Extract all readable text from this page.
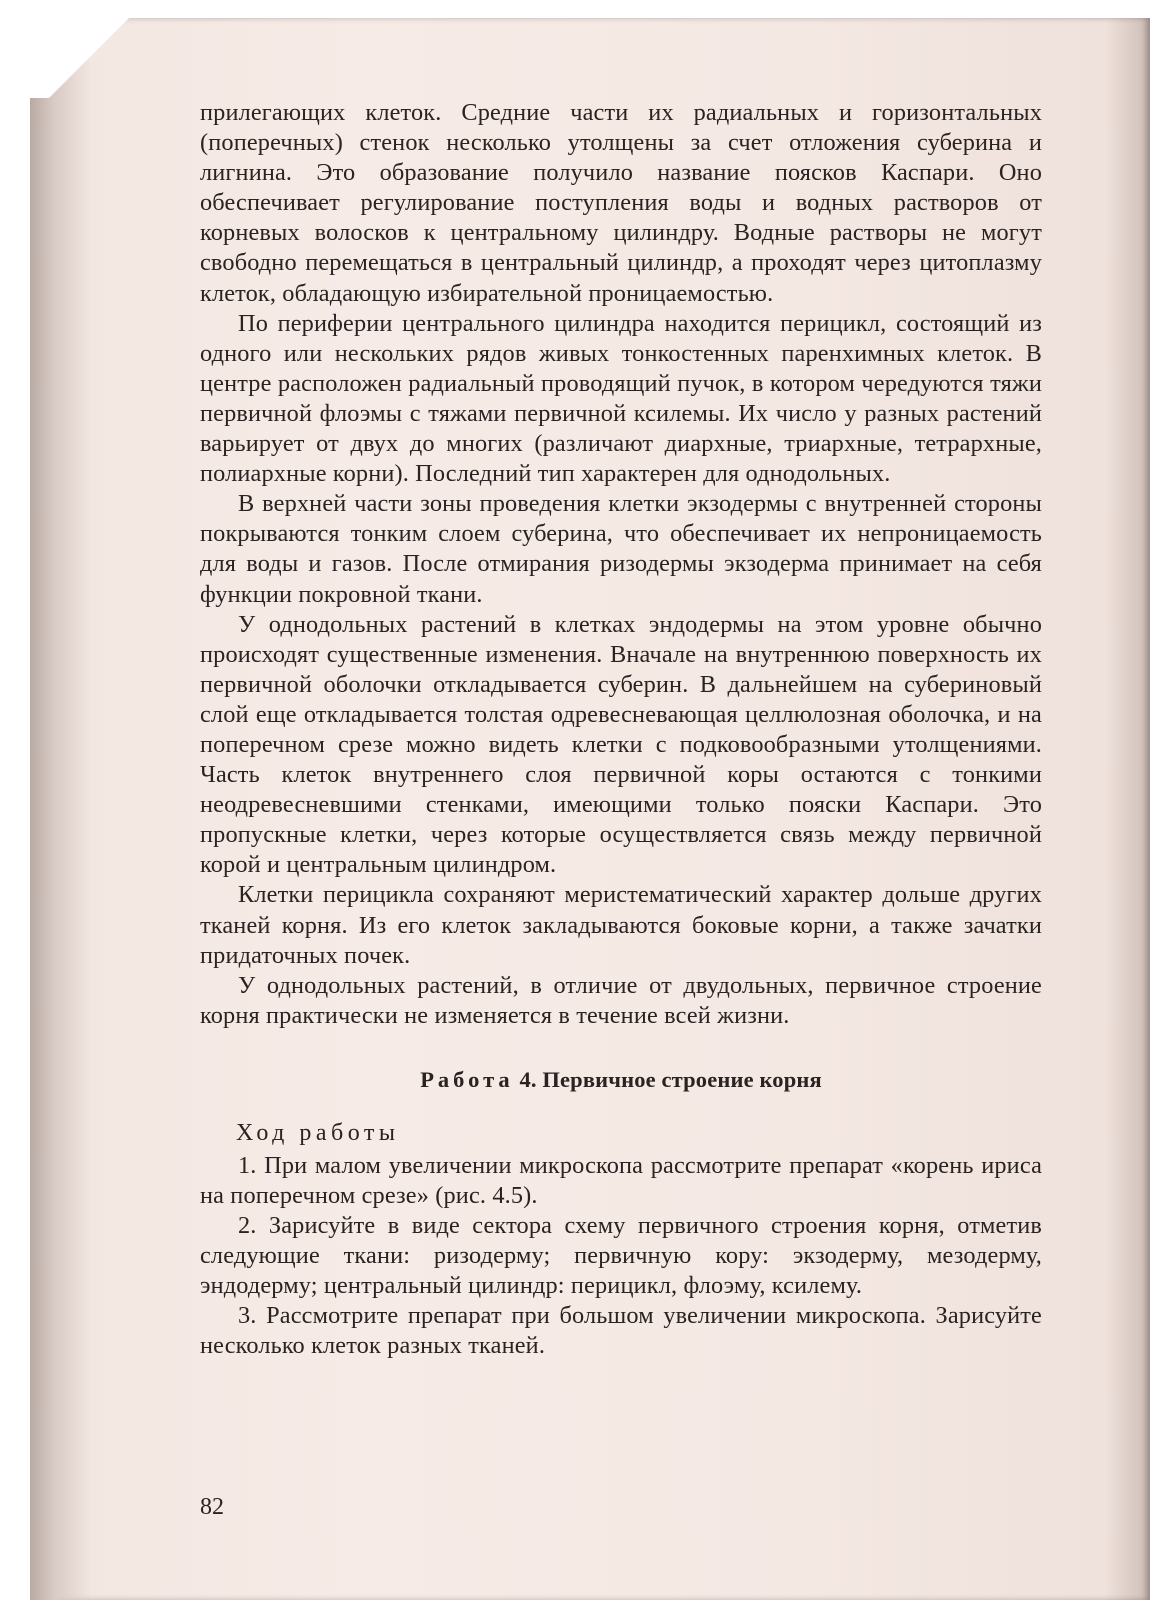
прилегающих клеток. Средние части их радиальных и горизонтальных (поперечных) стенок несколько утолщены за счет отложения суберина и лигнина. Это образование получило название поясков Каспари. Оно обеспечивает регулирование поступления воды и водных растворов от корневых волосков к центральному цилиндру. Водные растворы не могут свободно перемещаться в центральный цилиндр, а проходят через цитоплазму клеток, обладающую избирательной проницаемостью.

По периферии центрального цилиндра находится перицикл, состоящий из одного или нескольких рядов живых тонкостенных паренхимных клеток. В центре расположен радиальный проводящий пучок, в котором чередуются тяжи первичной флоэмы с тяжами первичной ксилемы. Их число у разных растений варьирует от двух до многих (различают диархные, триархные, тетрархные, полиархные корни). Последний тип характерен для однодольных.

В верхней части зоны проведения клетки экзодермы с внутренней стороны покрываются тонким слоем суберина, что обеспечивает их непроницаемость для воды и газов. После отмирания ризодермы экзодерма принимает на себя функции покровной ткани.

У однодольных растений в клетках эндодермы на этом уровне обычно происходят существенные изменения. Вначале на внутреннюю поверхность их первичной оболочки откладывается суберин. В дальнейшем на субериновый слой еще откладывается толстая одревесневающая целлюлозная оболочка, и на поперечном срезе можно видеть клетки с подковообразными утолщениями. Часть клеток внутреннего слоя первичной коры остаются с тонкими неодревесневшими стенками, имеющими только пояски Каспари. Это пропускные клетки, через которые осуществляется связь между первичной корой и центральным цилиндром.

Клетки перицикла сохраняют меристематический характер дольше других тканей корня. Из его клеток закладываются боковые корни, а также зачатки придаточных почек.

У однодольных растений, в отличие от двудольных, первичное строение корня практически не изменяется в течение всей жизни.

Работа 4. Первичное строение корня
Ход работы

1. При малом увеличении микроскопа рассмотрите препарат «корень ириса на поперечном срезе» (рис. 4.5).

2. Зарисуйте в виде сектора схему первичного строения корня, отметив следующие ткани: ризодерму; первичную кору: экзодерму, мезодерму, эндодерму; центральный цилиндр: перицикл, флоэму, ксилему.

3. Рассмотрите препарат при большом увеличении микроскопа. Зарисуйте несколько клеток разных тканей.

82
